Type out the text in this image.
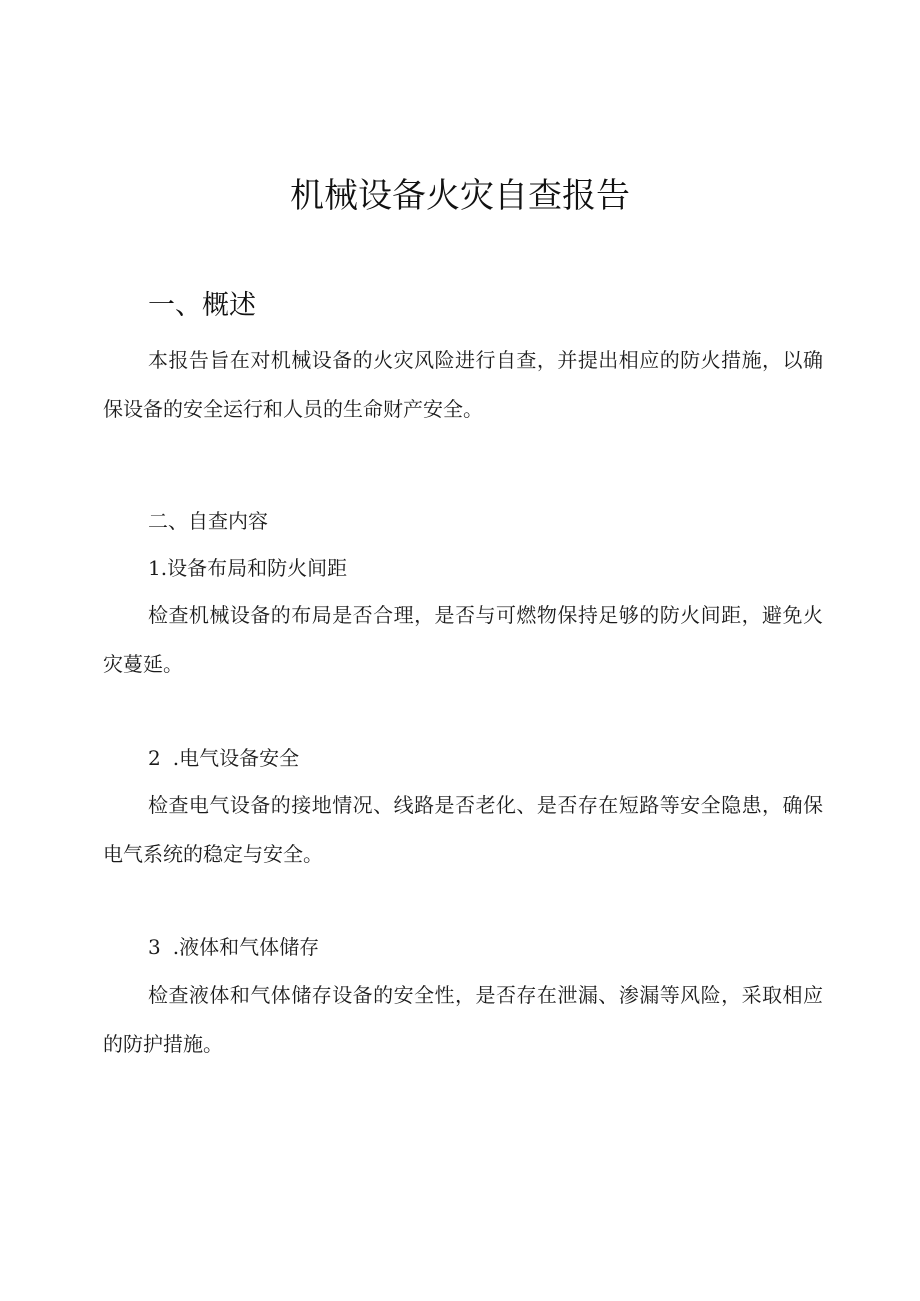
机械设备火灾自查报告
一、概述

本报告旨在对机械设备的火灾风险进行自查，并提出相应的防火措施，以确保设备的安全运行和人员的生命财产安全。

二、自查内容
1.设备布局和防火间距

检查机械设备的布局是否合理，是否与可燃物保持足够的防火间距，避免火灾蔓延。

2 .电气设备安全

检查电气设备的接地情况、线路是否老化、是否存在短路等安全隐患，确保电气系统的稳定与安全。

3 .液体和气体储存

检查液体和气体储存设备的安全性，是否存在泄漏、渗漏等风险，采取相应的防护措施。
